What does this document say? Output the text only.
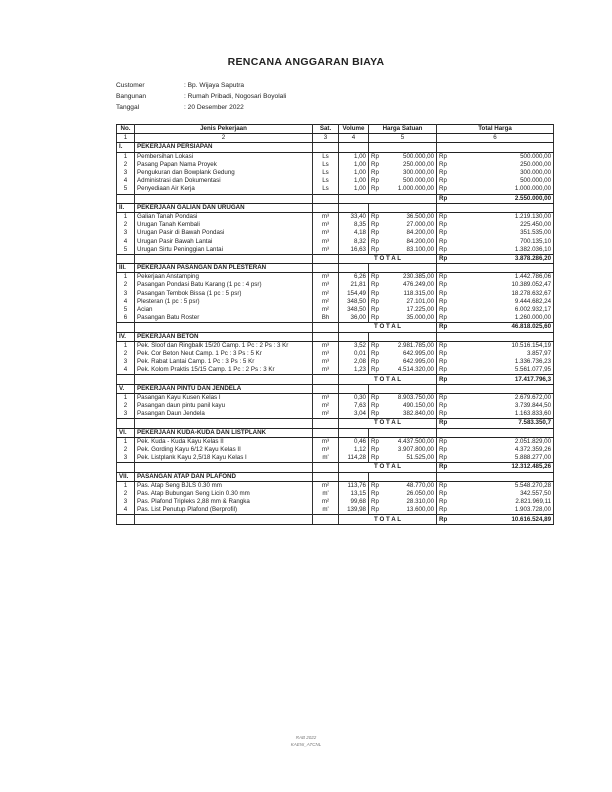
RENCANA ANGGARAN BIAYA
Customer	: Bp. Wijaya Saputra
Bangunan	: Rumah Pribadi, Nogosari Boyolali
Tanggal	: 20 Desember 2022
No.	Jenis Pekerjaan	Sat.	Volume	Harga Satuan		Total Harga	
1	2	3	4	5		6	
I.	PEKERJAAN PERSIAPAN						
1	Pembersihan Lokasi	Ls	1,00	Rp	500.000,00	Rp	500.000,00
2	Pasang Papan Nama Proyek	Ls	1,00	Rp	250.000,00	Rp	250.000,00
3	Pengukuran dan Bowplank Gedung	Ls	1,00	Rp	300.000,00	Rp	300.000,00
4	Administrasi dan Dokumentasi	Ls	1,00	Rp	500.000,00	Rp	500.000,00
5	Penyediaan Air Kerja	Ls	1,00	Rp	1.000.000,00	Rp	1.000.000,00
						Rp	2.550.000,00
II.	PEKERJAAN GALIAN DAN URUGAN						
1	Galian Tanah Pondasi	m³	33,40	Rp	36.500,00	Rp	1.219.130,00
2	Urugan Tanah Kembali	m³	8,35	Rp	27.000,00	Rp	225.450,00
3	Urugan Pasir di Bawah Pondasi	m³	4,18	Rp	84.200,00	Rp	351.535,00
4	Urugan Pasir Bawah Lantai	m³	8,32	Rp	84.200,00	Rp	700.135,10
5	Urugan Sirtu Peninggian Lantai	m³	16,63	Rp	83.100,00	Rp	1.382.036,10
			T O T A L			Rp	3.878.286,20
III.	PEKERJAAN PASANGAN DAN PLESTERAN						
1	Pekerjaan Anstamping	m³	6,26	Rp	230.385,00	Rp	1.442.786,06
2	Pasangan Pondasi Batu Karang (1 pc : 4 psr)	m³	21,81	Rp	476.249,00	Rp	10.389.052,47
3	Pasangan Tembok Bissa (1 pc : 5 psr)	m²	154,49	Rp	118.315,00	Rp	18.278.632,67
4	Plesteran (1 pc : 5 psr)	m²	348,50	Rp	27.101,00	Rp	9.444.682,24
5	Acian	m²	348,50	Rp	17.225,00	Rp	6.002.932,17
6	Pasangan Batu Roster	Bh	36,00	Rp	35.000,00	Rp	1.260.000,00
			T O T A L			Rp	46.818.025,60
IV.	PEKERJAAN BETON						
1	Pek. Sloof dan Ringbalk 15/20 Camp. 1 Pc : 2 Ps : 3 Kr	m³	3,52	Rp	2.981.785,00	Rp	10.516.154,19
2	Pek. Cor Beton Neut Camp. 1 Pc : 3 Ps : 5 Kr	m³	0,01	Rp	642.995,00	Rp	3.857,97
3	Pek. Rabat Lantai Camp. 1 Pc : 3 Ps : 5 Kr	m³	2,08	Rp	642.995,00	Rp	1.336.736,23
4	Pek. Kolom Praktis 15/15 Camp. 1 Pc : 2 Ps : 3 Kr	m³	1,23	Rp	4.514.320,00	Rp	5.561.077,95
			T O T A L			Rp	17.417.796,3
V.	PEKERJAAN PINTU DAN JENDELA						
1	Pasangan Kayu Kusen Kelas I	m³	0,30	Rp	8.903.750,00	Rp	2.679.672,00
2	Pasangan daun pintu panil kayu	m²	7,63	Rp	490.150,00	Rp	3.739.844,50
3	Pasangan Daun Jendela	m²	3,04	Rp	382.840,00	Rp	1.163.833,60
			T O T A L			Rp	7.583.350,7
VI.	PEKERJAAN KUDA-KUDA DAN LISTPLANK						
1	Pek. Kuda - Kuda Kayu Kelas II	m³	0,46	Rp	4.437.500,00	Rp	2.051.829,00
2	Pek. Gording Kayu 6/12 Kayu Kelas II	m³	1,12	Rp	3.907.800,00	Rp	4.372.359,26
3	Pek. Listplank Kayu 2,5/18 Kayu Kelas I	m'	114,28	Rp	51.525,00	Rp	5.888.277,00
			T O T A L			Rp	12.312.485,26
VII.	PASANGAN ATAP DAN PLAFOND						
1	Pas. Atap Seng BJLS 0.30 mm	m²	113,76	Rp	48.770,00	Rp	5.548.270,28
2	Pas. Atap Bubungan Seng Licin 0.30 mm	m'	13,15	Rp	26.050,00	Rp	342.557,50
3	Pas. Plafond Tripleks 2,88 mm & Rangka	m²	99,68	Rp	28.310,00	Rp	2.821.969,11
4	Pas. List Penutup Plafond (Berprofil)	m'	139,98	Rp	13.600,00	Rp	1.903.728,00
			T O T A L			Rp	10.616.524,89
RAB 2022
KAENI_ATCNL
